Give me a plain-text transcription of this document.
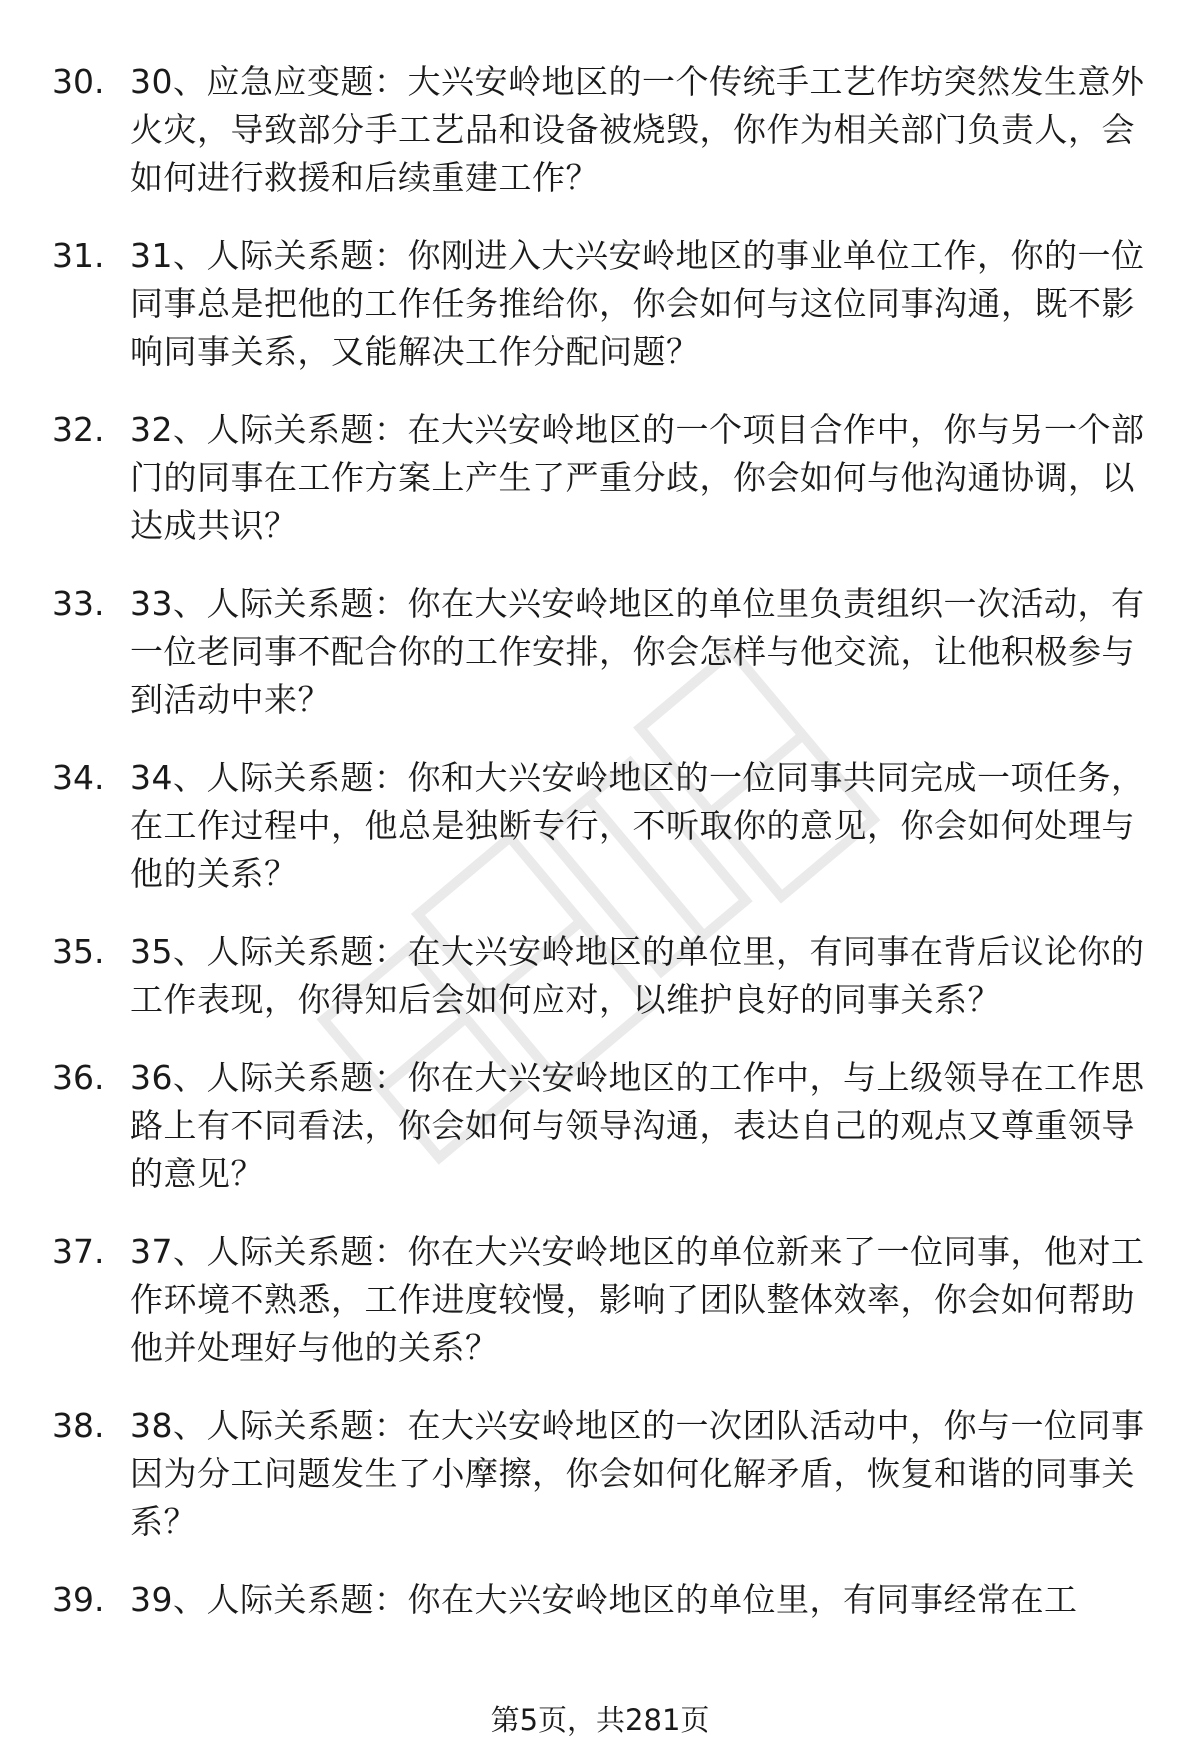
30. 30、应急应变题：大兴安岭地区的一个传统手工艺作坊突然发生意外火灾，导致部分手工艺品和设备被烧毁，你作为相关部门负责人，会如何进行救援和后续重建工作？
31. 31、人际关系题：你刚进入大兴安岭地区的事业单位工作，你的一位同事总是把他的工作任务推给你，你会如何与这位同事沟通，既不影响同事关系，又能解决工作分配问题？
32. 32、人际关系题：在大兴安岭地区的一个项目合作中，你与另一个部门的同事在工作方案上产生了严重分歧，你会如何与他沟通协调，以达成共识？
33. 33、人际关系题：你在大兴安岭地区的单位里负责组织一次活动，有一位老同事不配合你的工作安排，你会怎样与他交流，让他积极参与到活动中来？
34. 34、人际关系题：你和大兴安岭地区的一位同事共同完成一项任务，在工作过程中，他总是独断专行，不听取你的意见，你会如何处理与他的关系？
35. 35、人际关系题：在大兴安岭地区的单位里，有同事在背后议论你的工作表现，你得知后会如何应对，以维护良好的同事关系？
36. 36、人际关系题：你在大兴安岭地区的工作中，与上级领导在工作思路上有不同看法，你会如何与领导沟通，表达自己的观点又尊重领导的意见？
37. 37、人际关系题：你在大兴安岭地区的单位新来了一位同事，他对工作环境不熟悉，工作进度较慢，影响了团队整体效率，你会如何帮助他并处理好与他的关系？
38. 38、人际关系题：在大兴安岭地区的一次团队活动中，你与一位同事因为分工问题发生了小摩擦，你会如何化解矛盾，恢复和谐的同事关系？
39. 39、人际关系题：你在大兴安岭地区的单位里，有同事经常在工
第5页，共281页
